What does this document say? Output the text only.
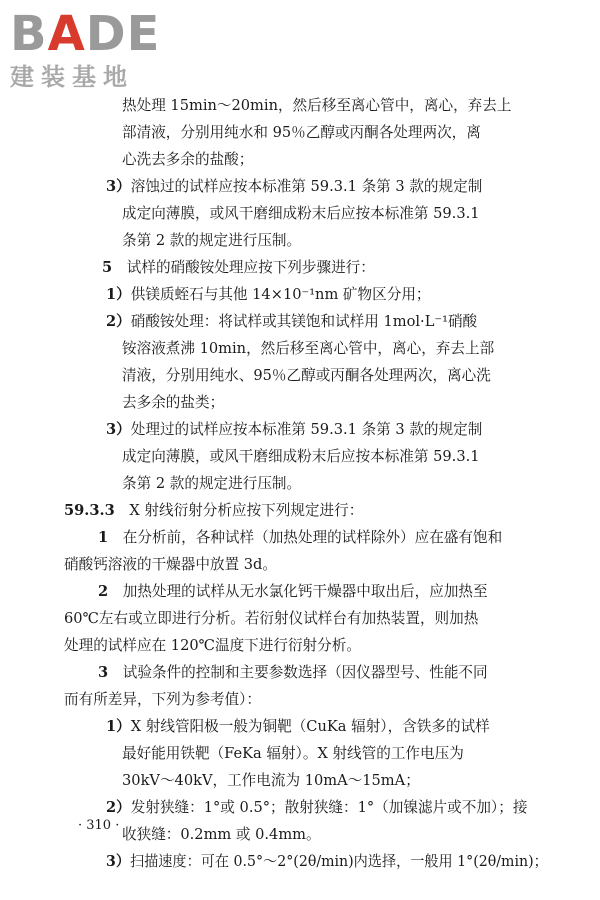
BADE
建装基地

热处理 15min～20min，然后移至离心管中，离心，弃去上

部清液，分别用纯水和 95％乙醇或丙酮各处理两次，离

心洗去多余的盐酸；

3）溶蚀过的试样应按本标准第 59.3.1 条第 3 款的规定制

成定向薄膜，或风干磨细成粉末后应按本标准第 59.3.1

条第 2 款的规定进行压制。

5　试样的硝酸铵处理应按下列步骤进行：

1）供镁质蛭石与其他 14×10⁻¹nm 矿物区分用；

2）硝酸铵处理：将试样或其镁饱和试样用 1mol·L⁻¹硝酸

铵溶液煮沸 10min，然后移至离心管中，离心，弃去上部

清液，分别用纯水、95％乙醇或丙酮各处理两次，离心洗

去多余的盐类；

3）处理过的试样应按本标准第 59.3.1 条第 3 款的规定制

成定向薄膜，或风干磨细成粉末后应按本标准第 59.3.1

条第 2 款的规定进行压制。

59.3.3　X 射线衍射分析应按下列规定进行：

1　在分析前，各种试样（加热处理的试样除外）应在盛有饱和

硝酸钙溶液的干燥器中放置 3d。

2　加热处理的试样从无水氯化钙干燥器中取出后，应加热至

60℃左右或立即进行分析。若衍射仪试样台有加热装置，则加热

处理的试样应在 120℃温度下进行衍射分析。

3　试验条件的控制和主要参数选择（因仪器型号、性能不同

而有所差异，下列为参考值）：

1）X 射线管阳极一般为铜靶（CuKa 辐射），含铁多的试样

最好能用铁靶（FeKa 辐射）。X 射线管的工作电压为

30kV～40kV，工作电流为 10mA～15mA；

2）发射狭缝：1°或 0.5°；散射狭缝：1°（加镍滤片或不加）；接

收狭缝：0.2mm 或 0.4mm。

3）扫描速度：可在 0.5°～2°(2θ/min)内选择，一般用 1°(2θ/min)；

· 310 ·
